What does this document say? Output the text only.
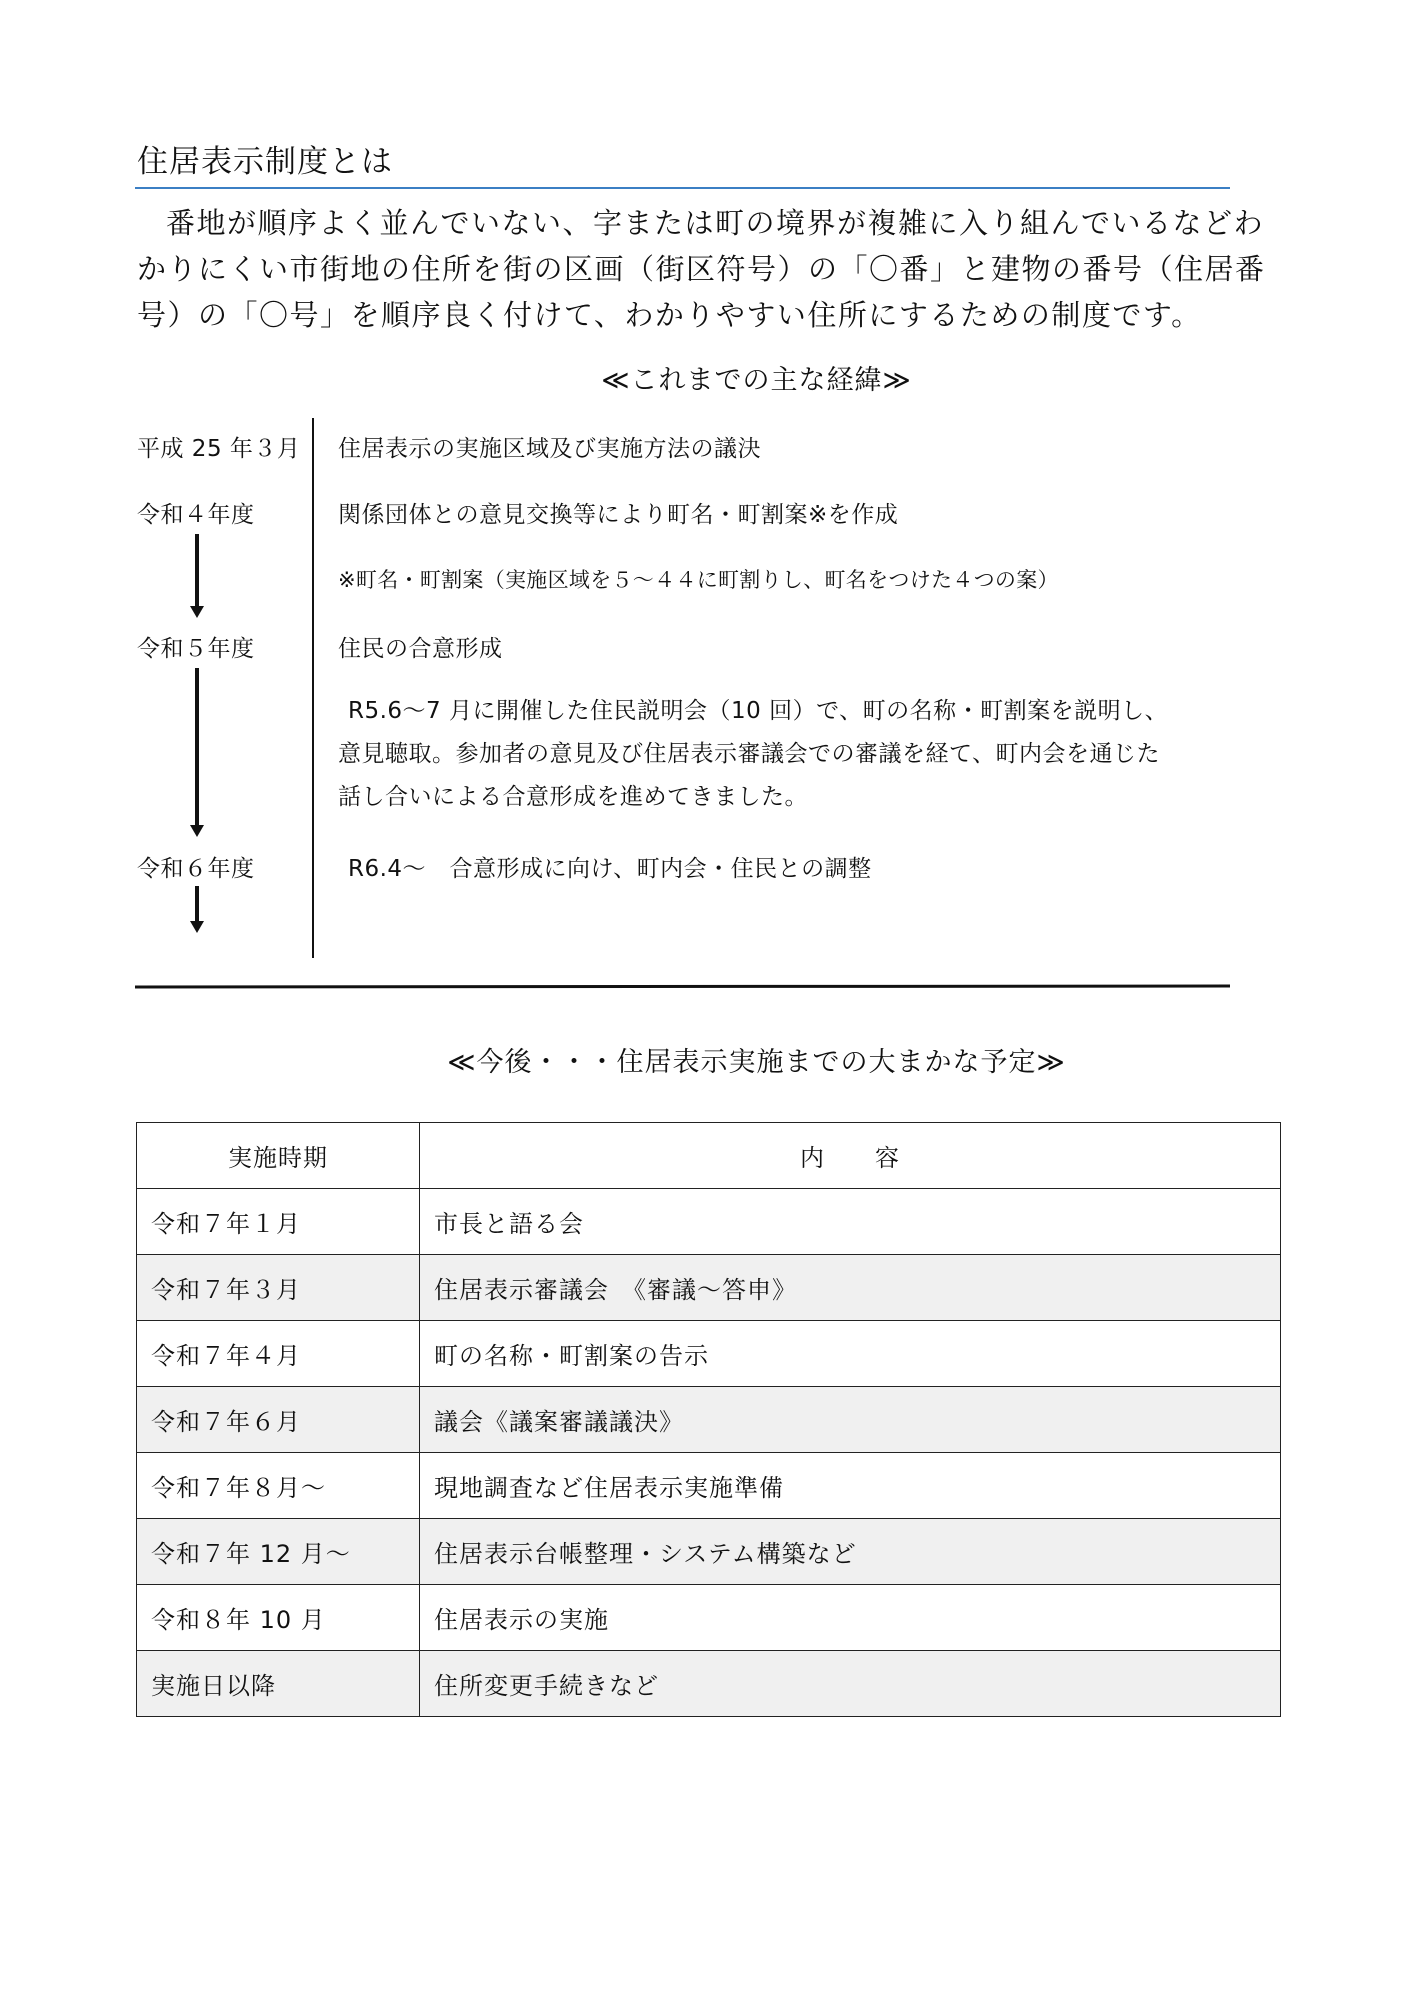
住居表示制度とは

番地が順序よく並んでいない、字または町の境界が複雑に入り組んでいるなどわかりにくい市街地の住所を街の区画（街区符号）の「〇番」と建物の番号（住居番号）の「〇号」を順序良く付けて、わかりやすい住所にするための制度です。

≪これまでの主な経緯≫
平成 25 年３月 住居表示の実施区域及び実施方法の議決
令和４年度	関係団体との意見交換等により町名・町割案※を作成
※町名・町割案（実施区域を５～４４に町割りし、町名をつけた４つの案）
令和５年度	住民の合意形成

R5.6～7 月に開催した住民説明会（10 回）で、町の名称・町割案を説明し、意見聴取。参加者の意見及び住居表示審議会での審議を経て、町内会を通じた話し合いによる合意形成を進めてきました。

令和６年度	R6.4～　合意形成に向け、町内会・住民との調整
≪今後・・・住居表示実施までの大まかな予定≫
実施時期	内　　容
令和７年１月	市長と語る会
令和７年３月	住居表示審議会　《審議～答申》
令和７年４月	町の名称・町割案の告示
令和７年６月	議会《議案審議議決》
令和７年８月～	現地調査など住居表示実施準備
令和７年 12 月～	住居表示台帳整理・システム構築など
令和８年 10 月	住居表示の実施
実施日以降	住所変更手続きなど
